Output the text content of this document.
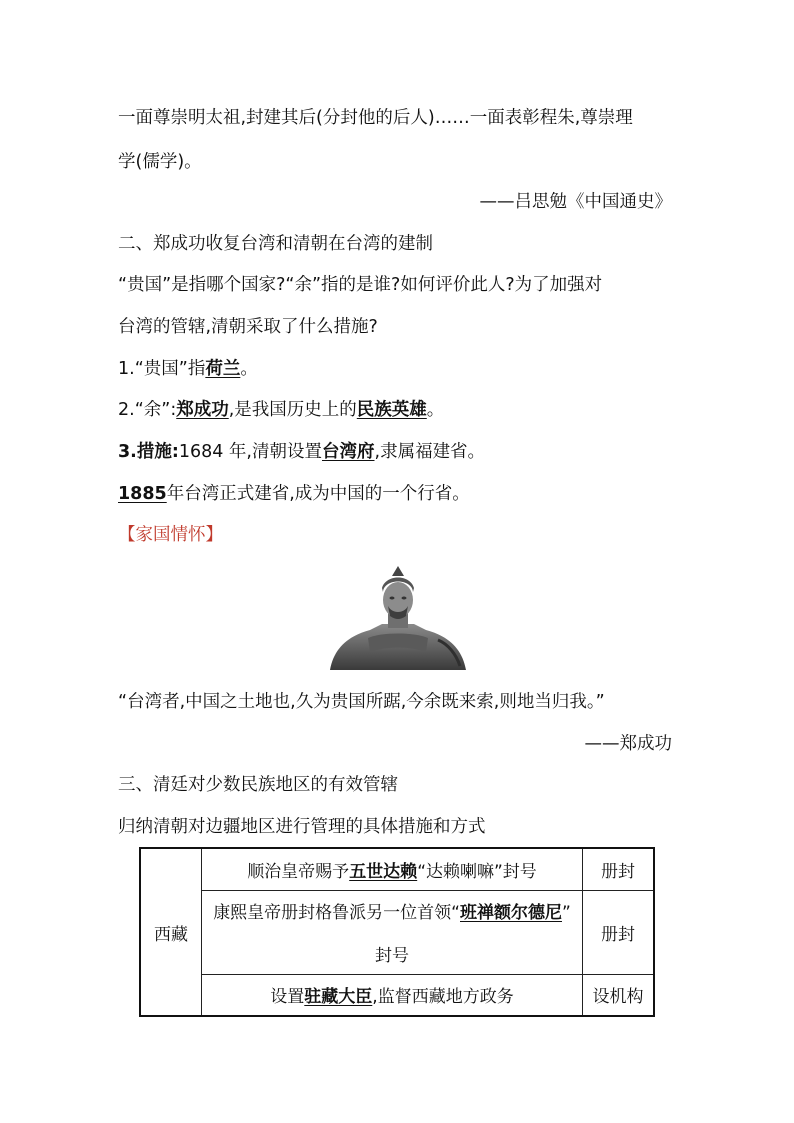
一面尊崇明太祖,封建其后(分封他的后人)……一面表彰程朱,尊崇理
学(儒学)。
——吕思勉《中国通史》
二、郑成功收复台湾和清朝在台湾的建制
“贵国”是指哪个国家?“余”指的是谁?如何评价此人?为了加强对
台湾的管辖,清朝采取了什么措施?
1.“贵国”指荷兰。
2.“余”:郑成功,是我国历史上的民族英雄。
3.措施:1684 年,清朝设置台湾府,隶属福建省。
1885年台湾正式建省,成为中国的一个行省。
【家国情怀】
“台湾者,中国之土地也,久为贵国所踞,今余既来索,则地当归我。”
——郑成功
三、清廷对少数民族地区的有效管辖
归纳清朝对边疆地区进行管理的具体措施和方式
西藏	顺治皇帝赐予五世达赖“达赖喇嘛”封号	册封

	康熙皇帝册封格鲁派另一位首领“班禅额尔德尼”
封号	册封
	设置驻藏大臣,监督西藏地方政务	设机构
